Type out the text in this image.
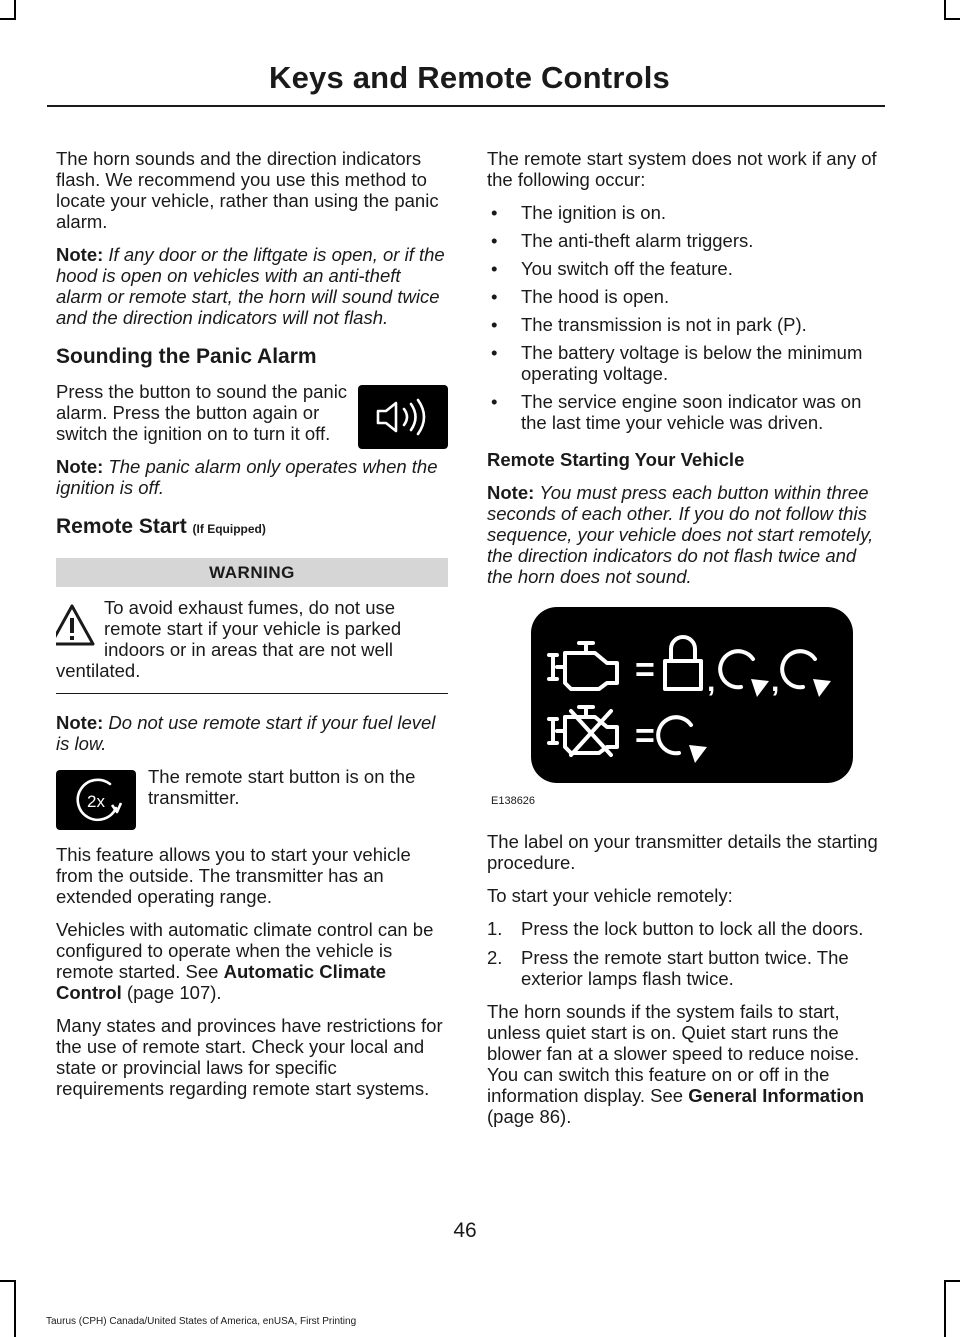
Keys and Remote Controls

The horn sounds and the direction indicators flash. We recommend you use this method to locate your vehicle, rather than using the panic alarm.

Note: If any door or the liftgate is open, or if the hood is open on vehicles with an anti-theft alarm or remote start, the horn will sound twice and the direction indicators will not flash.

Sounding the Panic Alarm

Press the button to sound the panic alarm. Press the button again or switch the ignition on to turn it off.

Note: The panic alarm only operates when the ignition is off.

Remote Start (If Equipped)
WARNING
To avoid exhaust fumes, do not use remote start if your vehicle is parked indoors or in areas that are not well ventilated.

Note: Do not use remote start if your fuel level is low.

2x

The remote start button is on the transmitter.

This feature allows you to start your vehicle from the outside. The transmitter has an extended operating range.

Vehicles with automatic climate control can be configured to operate when the vehicle is remote started. See Automatic Climate Control (page 107).

Many states and provinces have restrictions for the use of remote start. Check your local and state or provincial laws for specific requirements regarding remote start systems.

The remote start system does not work if any of the following occur:

• The ignition is on.
• The anti-theft alarm triggers.
• You switch off the feature.
• The hood is open.
• The transmission is not in park (P).
• The battery voltage is below the minimum operating voltage.
• The service engine soon indicator was on the last time your vehicle was driven.
Remote Starting Your Vehicle

Note: You must press each button within three seconds of each other. If you do not follow this sequence, your vehicle does not start remotely, the direction indicators do not flash twice and the horn does not sound.

= , ,
=
E138626

The label on your transmitter details the starting procedure.

To start your vehicle remotely:

1. Press the lock button to lock all the doors.
2. Press the remote start button twice. The exterior lamps flash twice.

The horn sounds if the system fails to start, unless quiet start is on. Quiet start runs the blower fan at a slower speed to reduce noise. You can switch this feature on or off in the information display. See General Information (page 86).

46
Taurus (CPH) Canada/United States of America, enUSA, First Printing
